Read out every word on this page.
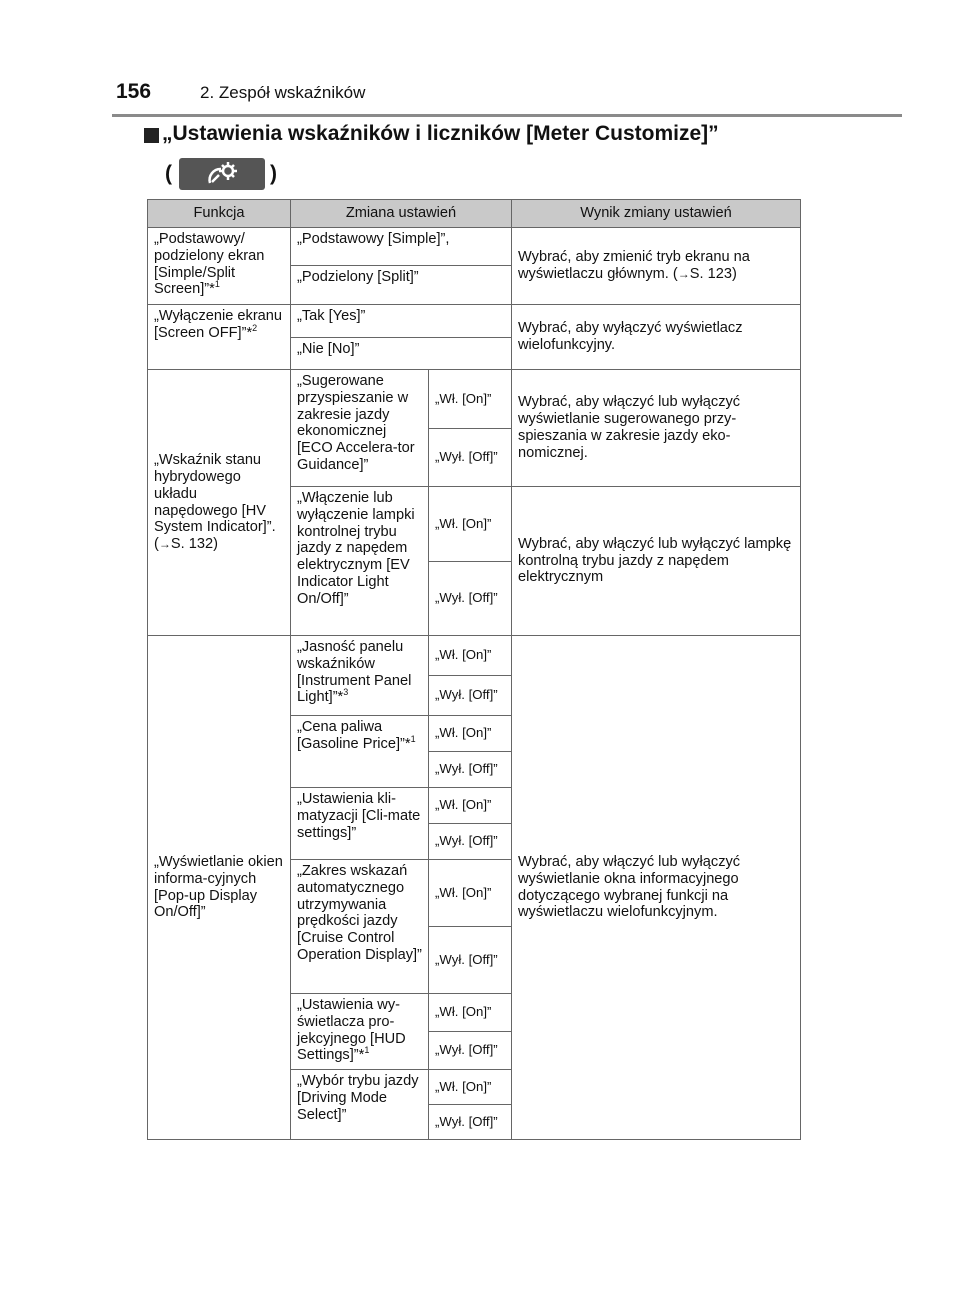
156	2. Zespół wskaźników
„Ustawienia wskaźników i liczników [Meter Customize]”
(	)
Funkcja	Zmiana ustawień		Wynik zmiany ustawień
„Podstawowy/ podzielony ekran [Simple/Split Screen]”*$^1$	„Podstawowy [Simple]”,		Wybrać, aby zmienić tryb ekranu na wyświetlaczu głównym. (→S. 123)
	„Podzielony [Split]”		
„Wyłączenie ekranu [Screen OFF]”*$^2$	„Tak [Yes]”		Wybrać, aby wyłączyć wyświetlacz wielofunkcyjny.
	„Nie [No]”		
„Wskaźnik stanu hybrydowego układu napędowego [HV System Indicator]”. (→S. 132)	„Sugerowane przyspieszanie w zakresie jazdy ekonomicznej [ECO Accelera-tor Guidance]”	„Wł. [On]”	Wybrać, aby włączyć lub wyłączyć wyświetlanie sugerowanego przy-spieszania w zakresie jazdy eko-nomicznej.
		„Wył. [Off]”	
	„Włączenie lub wyłączenie lampki kontrolnej trybu jazdy z napędem elektrycznym [EV Indicator Light On/Off]”	„Wł. [On]”	Wybrać, aby włączyć lub wyłączyć lampkę kontrolną trybu jazdy z napędem elektrycznym
		„Wył. [Off]”	
„Wyświetlanie okien informa-cyjnych [Pop-up Display On/Off]”	„Jasność panelu wskaźników [Instrument Panel Light]”*$^3$	„Wł. [On]”	Wybrać, aby włączyć lub wyłączyć wyświetlanie okna informacyjnego dotyczącego wybranej funkcji na wyświetlaczu wielofunkcyjnym.
		„Wył. [Off]”	
	„Cena paliwa [Gasoline Price]”*$^1$	„Wł. [On]”	
		„Wył. [Off]”	
	„Ustawienia kli-matyzacji [Cli-mate settings]”	„Wł. [On]”	
		„Wył. [Off]”	
	„Zakres wskazań automatycznego utrzymywania prędkości jazdy [Cruise Control Operation Display]”	„Wł. [On]”	
		„Wył. [Off]”	
	„Ustawienia wy-świetlacza pro-jekcyjnego [HUD Settings]”*$^1$	„Wł. [On]”	
		„Wył. [Off]”	
	„Wybór trybu jazdy [Driving Mode Select]”	„Wł. [On]”	
		„Wył. [Off]”	
